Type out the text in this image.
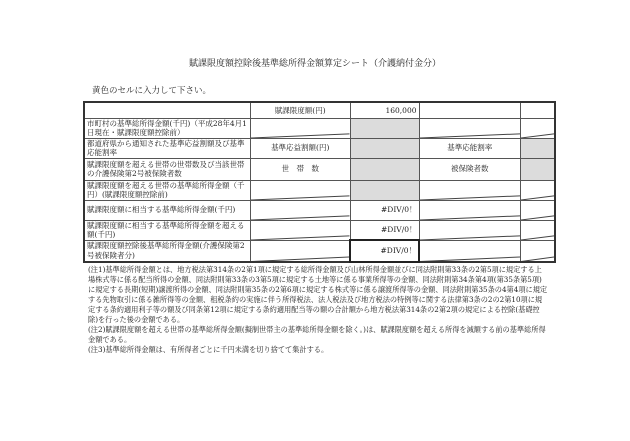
賦課限度額控除後基準総所得金額算定シート（介護納付金分）
黄色のセルに入力して下さい。
	賦課限度額(円)	160,000		
市町村の基準総所得金額(千円)（平成28年4月1日現在・賦課限度額控除前）	

都道府県から通知された基準応益割額及び基準応能割率	基準応益割額(円)		基準応能割率	
賦課限度額を超える世帯の世帯数及び当該世帯の介護保険第2号被保険者数	世　帯　数		被保険者数	
賦課限度額を超える世帯の基準総所得金額（千円）(賦課限度額控除前)	

賦課限度額に相当する基準総所得金額(千円)		#DIV/0！	

賦課限度額に相当する基準総所得金額を超える額(千円)		#DIV/0！	

賦課限度額控除後基準総所得金額(介護保険第2号被保険者分)		#DIV/0！	

(注1)基準総所得金額とは、地方税法第314条の2第1項に規定する総所得金額及び山林所得金額並びに同法附則第33条の2第5項に規定する上場株式等に係る配当所得の金額、同法附則第33条の3第5項に規定する土地等に係る事業所得等の金額、同法附則第34条第4項(第35条第5項)に規定する長期(短期)譲渡所得の金額、同法附則第35条の2第6項に規定する株式等に係る譲渡所得等の金額、同法附則第35条の4第4項に規定する先物取引に係る雑所得等の金額、租税条約の実施に伴う所得税法、法人税法及び地方税法の特例等に関する法律第3条の2の2第10項に規定する条約適用利子等の額及び同条第12項に規定する条約適用配当等の額の合計額から地方税法第314条の2第2項の規定による控除(基礎控除)を行った後の金額である。

(注2)賦課限度額を超える世帯の基準総所得金額(擬制世帯主の基準総所得金額を除く。)は、賦課限度額を超える所得を減額する前の基準総所得金額である。

(注3)基準総所得金額は、有所得者ごとに千円未満を切り捨てて集計する。
